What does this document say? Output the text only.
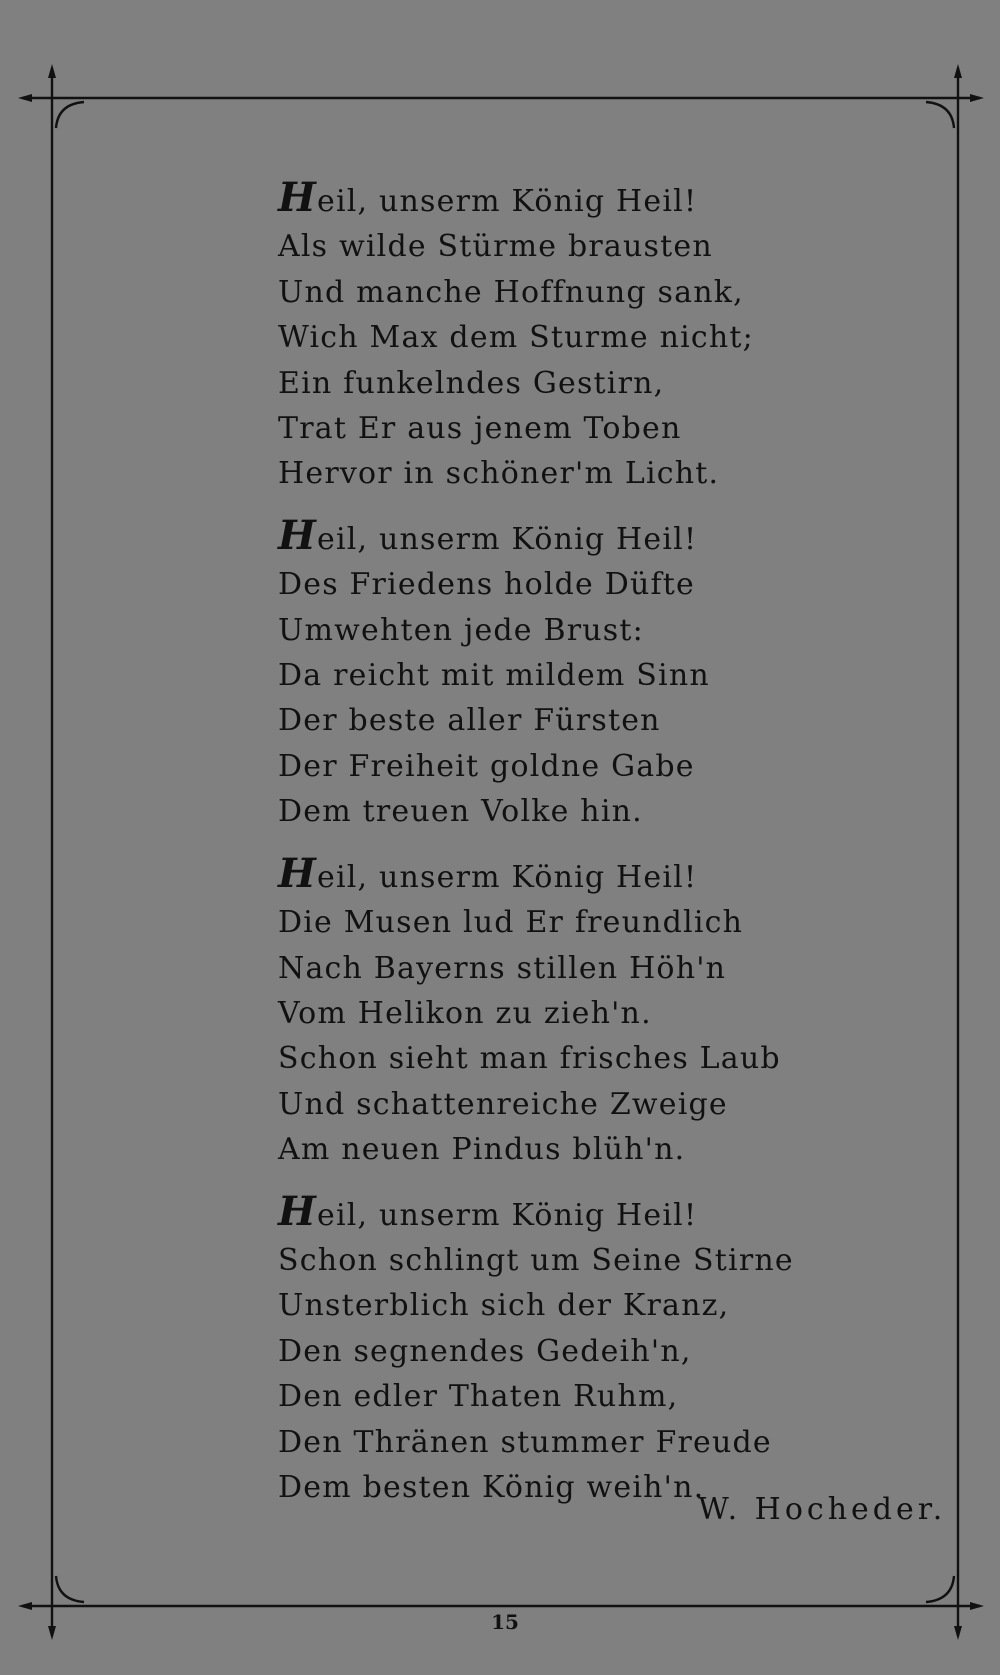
Heil, unserm König Heil!
Als wilde Stürme brausten
Und manche Hoffnung sank,
Wich Max dem Sturme nicht;
Ein funkelndes Gestirn,
Trat Er aus jenem Toben
Hervor in schöner'm Licht.
Heil, unserm König Heil!
Des Friedens holde Düfte
Umwehten jede Brust:
Da reicht mit mildem Sinn
Der beste aller Fürsten
Der Freiheit goldne Gabe
Dem treuen Volke hin.
Heil, unserm König Heil!
Die Musen lud Er freundlich
Nach Bayerns stillen Höh'n
Vom Helikon zu zieh'n.
Schon sieht man frisches Laub
Und schattenreiche Zweige
Am neuen Pindus blüh'n.
Heil, unserm König Heil!
Schon schlingt um Seine Stirne
Unsterblich sich der Kranz,
Den segnendes Gedeih'n,
Den edler Thaten Ruhm,
Den Thränen stummer Freude
Dem besten König weih'n.
W. Hocheder.
15
